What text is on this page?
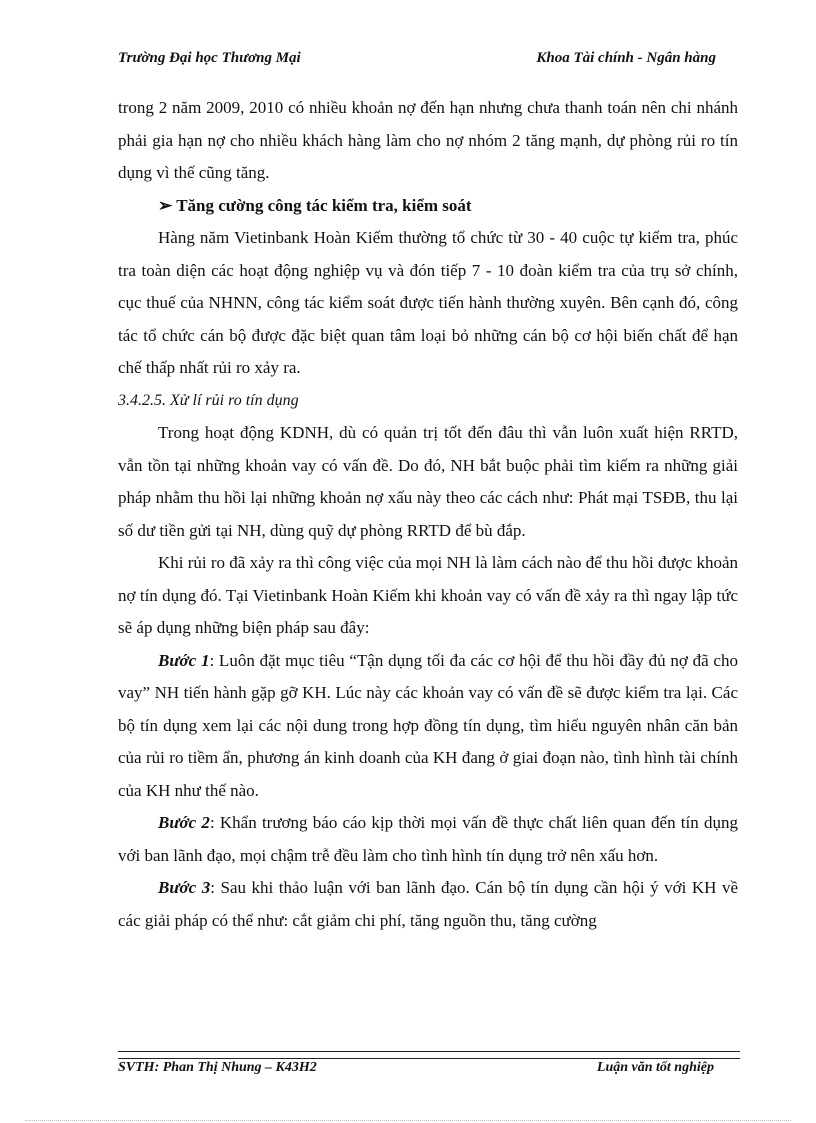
Trường Đại học Thương Mại	Khoa Tài chính - Ngân hàng

trong 2 năm 2009, 2010 có nhiều khoản nợ đến hạn nhưng chưa thanh toán nên chi nhánh phải gia hạn nợ cho nhiều khách hàng làm cho nợ nhóm 2 tăng mạnh, dự phòng rủi ro tín dụng vì thế cũng tăng.

➢ Tăng cường công tác kiểm tra, kiểm soát

Hàng năm Vietinbank Hoàn Kiếm thường tổ chức từ 30 - 40 cuộc tự kiểm tra, phúc tra toàn diện các hoạt động nghiệp vụ và đón tiếp 7 - 10 đoàn kiểm tra của trụ sở chính, cục thuế của NHNN, công tác kiểm soát được tiến hành thường xuyên. Bên cạnh đó, công tác tổ chức cán bộ được đặc biệt quan tâm loại bỏ những cán bộ cơ hội biến chất để hạn chế thấp nhất rủi ro xảy ra.

3.4.2.5. Xử lí rủi ro tín dụng

Trong hoạt động KDNH, dù có quản trị tốt đến đâu thì vẫn luôn xuất hiện RRTD, vẫn tồn tại những khoản vay có vấn đề. Do đó, NH bắt buộc phải tìm kiếm ra những giải pháp nhằm thu hồi lại những khoản nợ xấu này theo các cách như: Phát mại TSĐB, thu lại số dư tiền gửi tại NH, dùng quỹ dự phòng RRTD để bù đắp.

Khi rủi ro đã xảy ra thì công việc của mọi NH là làm cách nào để thu hồi được khoản nợ tín dụng đó. Tại Vietinbank Hoàn Kiếm khi khoản vay có vấn đề xảy ra thì ngay lập tức sẽ áp dụng những biện pháp sau đây:

Bước 1: Luôn đặt mục tiêu “Tận dụng tối đa các cơ hội để thu hồi đầy đủ nợ đã cho vay” NH tiến hành gặp gỡ KH. Lúc này các khoản vay có vấn đề sẽ được kiểm tra lại. Các bộ tín dụng xem lại các nội dung trong hợp đồng tín dụng, tìm hiểu nguyên nhân căn bản của rủi ro tiềm ẩn, phương án kinh doanh của KH đang ở giai đoạn nào, tình hình tài chính của KH như thế nào.

Bước 2: Khẩn trương báo cáo kịp thời mọi vấn đề thực chất liên quan đến tín dụng với ban lãnh đạo, mọi chậm trễ đều làm cho tình hình tín dụng trở nên xấu hơn.

Bước 3: Sau khi thảo luận với ban lãnh đạo. Cán bộ tín dụng cần hội ý với KH về các giải pháp có thể như: cắt giảm chi phí, tăng nguồn thu, tăng cường

SVTH: Phan Thị Nhung – K43H2	Luận văn tốt nghiệp
